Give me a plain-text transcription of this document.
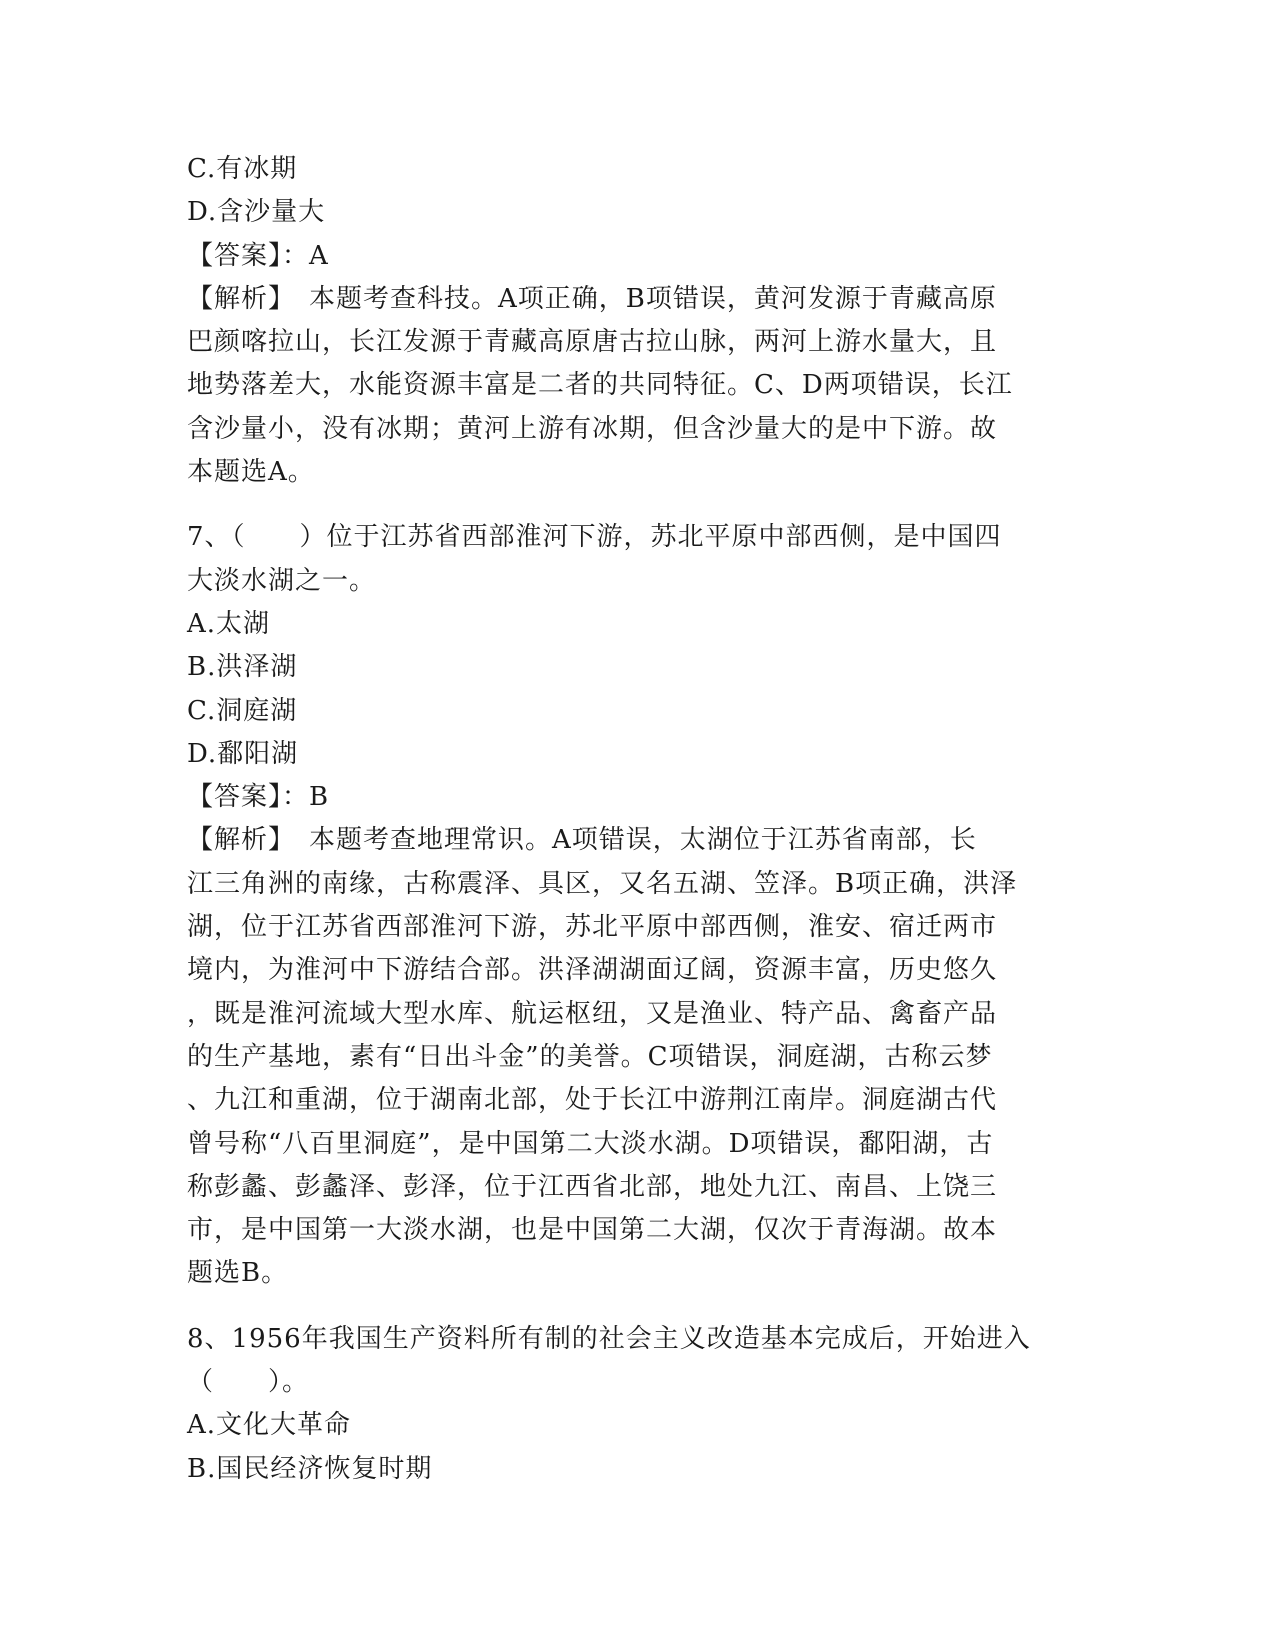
C.有冰期
D.含沙量大
【答案】：A
【解析】　本题考查科技。A项正确，B项错误，黄河发源于青藏高原
巴颜喀拉山，长江发源于青藏高原唐古拉山脉，两河上游水量大，且
地势落差大，水能资源丰富是二者的共同特征。C、D两项错误，长江
含沙量小，没有冰期；黄河上游有冰期，但含沙量大的是中下游。故
本题选A。
7、（　　）位于江苏省西部淮河下游，苏北平原中部西侧，是中国四
大淡水湖之一。
A.太湖
B.洪泽湖
C.洞庭湖
D.鄱阳湖
【答案】：B
【解析】　本题考查地理常识。A项错误，太湖位于江苏省南部，长
江三角洲的南缘，古称震泽、具区，又名五湖、笠泽。B项正确，洪泽
湖，位于江苏省西部淮河下游，苏北平原中部西侧，淮安、宿迁两市
境内，为淮河中下游结合部。洪泽湖湖面辽阔，资源丰富，历史悠久
，既是淮河流域大型水库、航运枢纽，又是渔业、特产品、禽畜产品
的生产基地，素有“日出斗金”的美誉。C项错误，洞庭湖，古称云梦
、九江和重湖，位于湖南北部，处于长江中游荆江南岸。洞庭湖古代
曾号称“八百里洞庭”，是中国第二大淡水湖。D项错误，鄱阳湖，古
称彭蠡、彭蠡泽、彭泽，位于江西省北部，地处九江、南昌、上饶三
市，是中国第一大淡水湖，也是中国第二大湖，仅次于青海湖。故本
题选B。
8、1956年我国生产资料所有制的社会主义改造基本完成后，开始进入
（　　）。
A.文化大革命
B.国民经济恢复时期
